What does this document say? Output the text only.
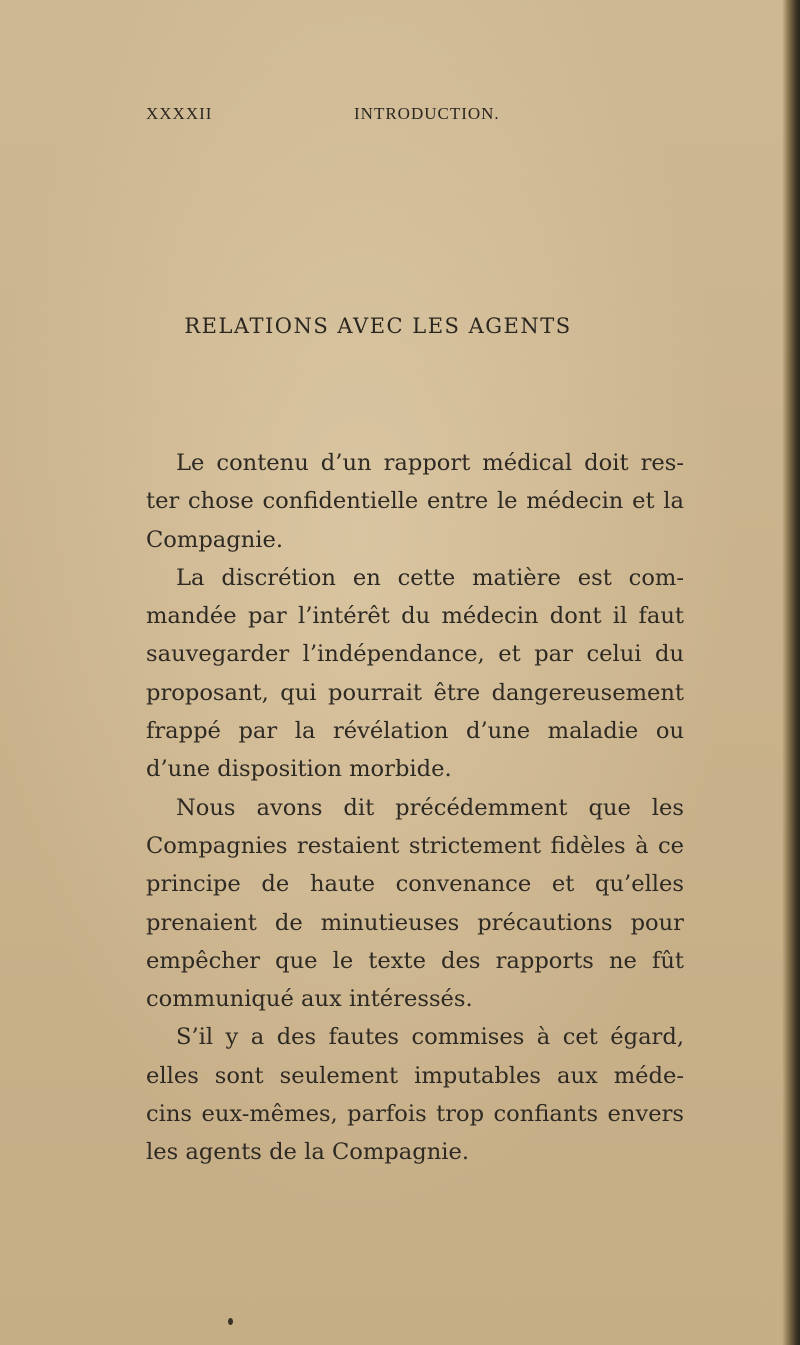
XXXXII	INTRODUCTION.
RELATIONS AVEC LES AGENTS

Le contenu d’un rapport médical doit res-ter chose confidentielle entre le médecin et la Compagnie.

La discrétion en cette matière est com-mandée par l’intérêt du médecin dont il faut sauvegarder l’indépendance, et par celui du proposant, qui pourrait être dangereusement frappé par la révélation d’une maladie ou d’une disposition morbide.

Nous avons dit précédemment que les Compagnies restaient strictement fidèles à ce principe de haute convenance et qu’elles prenaient de minutieuses précautions pour empêcher que le texte des rapports ne fût communiqué aux intéressés.

S’il y a des fautes commises à cet égard, elles sont seulement imputables aux méde-cins eux-mêmes, parfois trop confiants envers les agents de la Compagnie.
